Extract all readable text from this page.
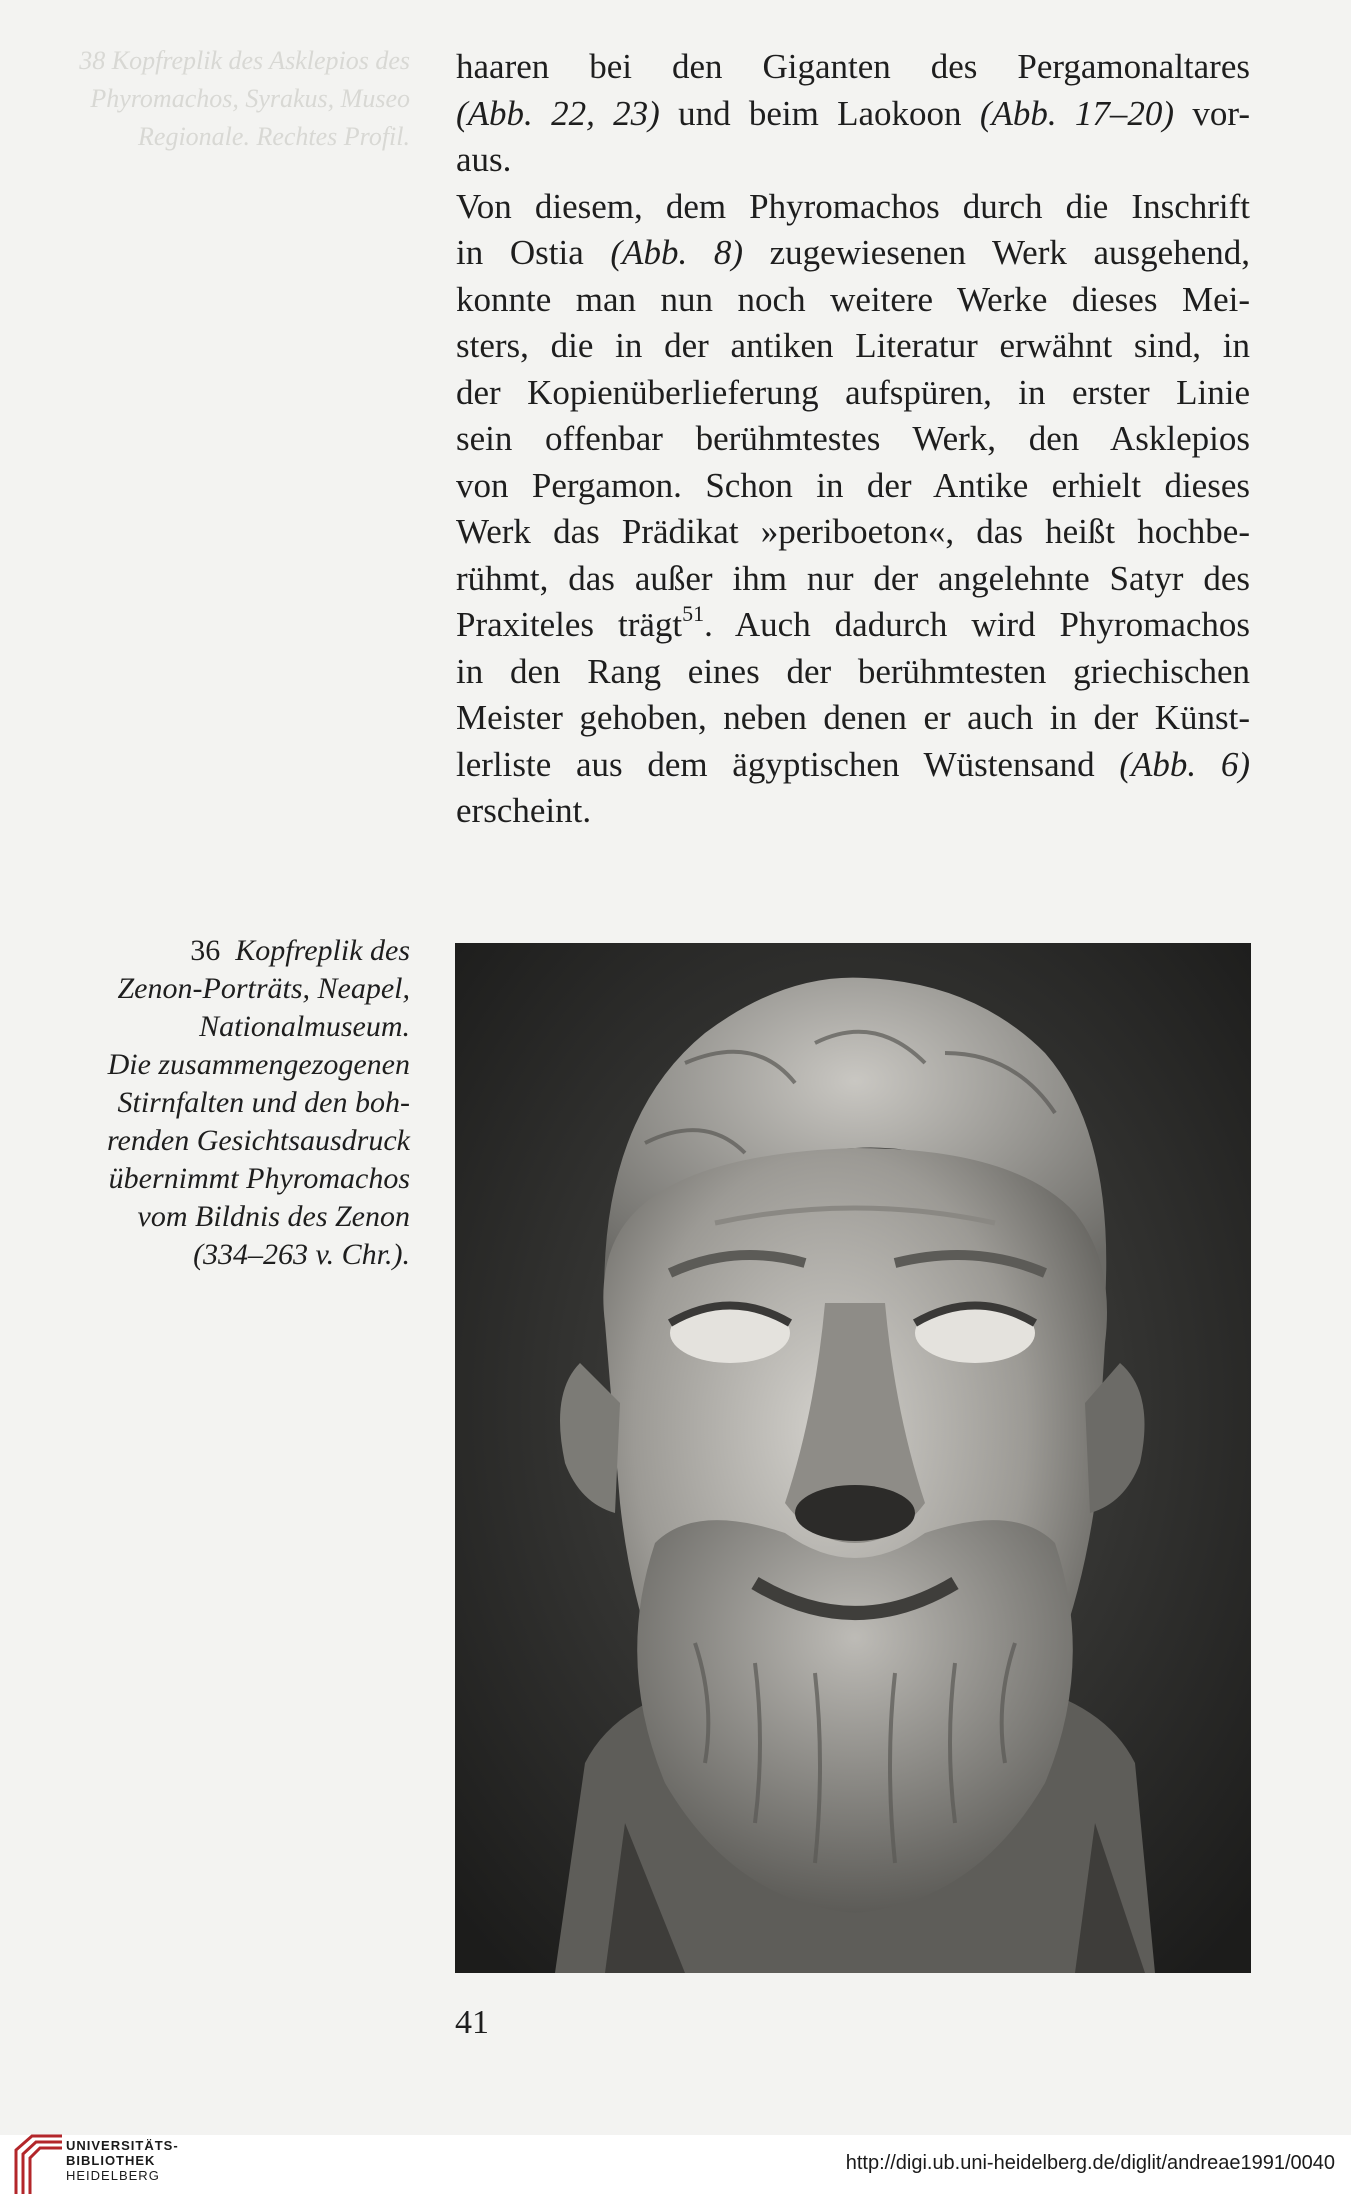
38 Kopfreplik des Asklepios des Phyromachos, Syrakus, Museo Regionale. Rechtes Profil.
haaren bei den Giganten des Pergamonaltares
(Abb. 22, 23) und beim Laokoon (Abb. 17–20) vor-
aus.
Von diesem, dem Phyromachos durch die Inschrift
in Ostia (Abb. 8) zugewiesenen Werk ausgehend,
konnte man nun noch weitere Werke dieses Mei-
sters, die in der antiken Literatur erwähnt sind, in
der Kopienüberlieferung aufspüren, in erster Linie
sein offenbar berühmtestes Werk, den Asklepios
von Pergamon. Schon in der Antike erhielt dieses
Werk das Prädikat »periboeton«, das heißt hochbe-
rühmt, das außer ihm nur der angelehnte Satyr des
Praxiteles trägt$^{51}$. Auch dadurch wird Phyromachos
in den Rang eines der berühmtesten griechischen
Meister gehoben, neben denen er auch in der Künst-
lerliste aus dem ägyptischen Wüstensand (Abb. 6)
erscheint.
36 Kopfreplik des
Zenon-Porträts, Neapel,
Nationalmuseum.
Die zusammengezogenen
Stirnfalten und den boh-
renden Gesichtsausdruck
übernimmt Phyromachos
vom Bildnis des Zenon
(334–263 v. Chr.).
41
UNIVERSITÄTS-
BIBLIOTHEK
HEIDELBERG
http://digi.ub.uni-heidelberg.de/diglit/andreae1991/0040
